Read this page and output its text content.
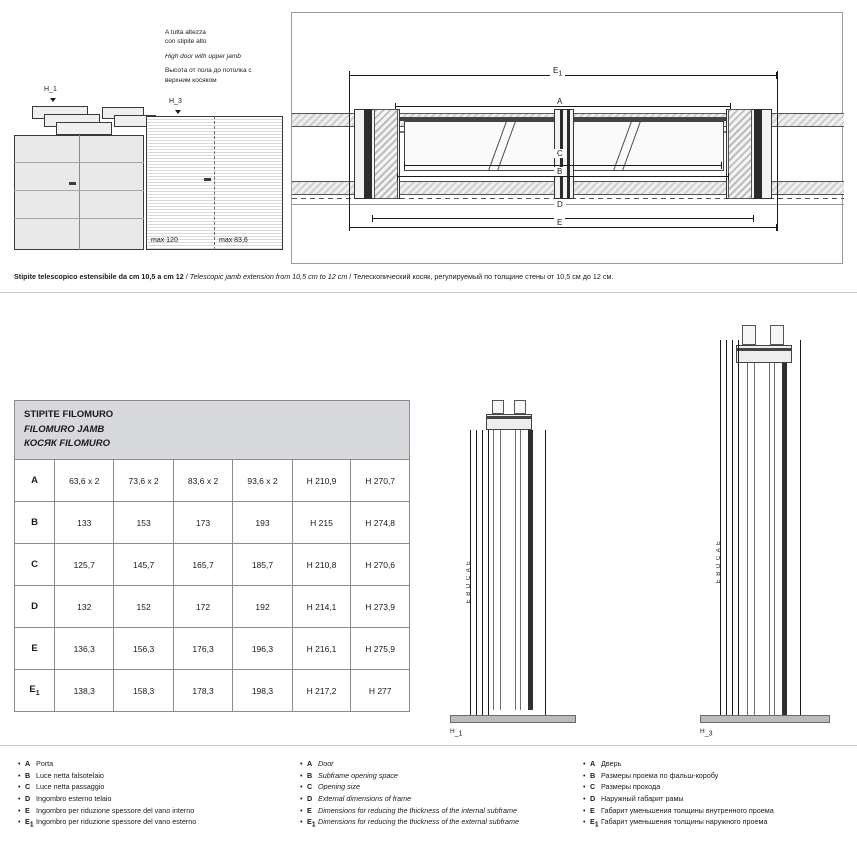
A tutta altezza
con stipite alto
High door with upper jamb
Высота от пола до потолка с
верхним косяком
H_1
H_3
max 120	max 83,6
E1
A
C
B
D
E
Stipite telescopico estensibile da cm 10,5 a cm 12 / Telescopic jamb extension from 10,5 cm to 12 cm / Телескопический косяк, регулируемый по толщине стены от 10,5 см до 12 см.
STIPITE FILOMURO
FILOMURO JAMB
КОСЯК FILOMURO						

A	63,6 x 2	73,6 x 2	83,6 x 2	93,6 x 2	H 210,9	H 270,7
B	133	153	173	193	H 215	H 274,8
C	125,7	145,7	165,7	185,7	H 210,8	H 270,6
D	132	152	172	192	H 214,1	H 273,9
E	136,3	156,3	176,3	196,3	H 216,1	H 275,9
$E_1$	138,3	158,3	178,3	198,3	H 217,2	H 277
E B D C A E
H_1
E B D C A E
H_3
• A Porta
• B Luce netta falsotelaio
• C Luce netta passaggio
• D Ingombro esterno telaio
• E Ingombro per riduzione spessore del vano interno
• E1 Ingombro per riduzione spessore del vano esterno
• A Door
• B Subframe opening space
• C Opening size
• D External dimensions of frame
• E Dimensions for reducing the thickness of the internal subframe
• E1 Dimensions for reducing the thickness of the external subframe
• A Дверь
• B Размеры проема по фальш-коробу
• C Размеры прохода
• D Наружный габарит рамы
• E Габарит уменьшения толщины внутренного проема
• E1 Габарит уменьшения толщины наружного проема
